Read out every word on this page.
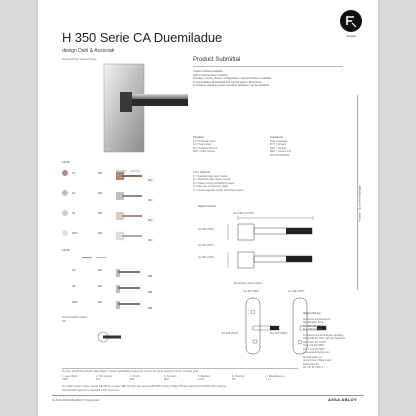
H 350 Serie CA Duemiladue
design Dahl & Associati
Material/Finish Vedere/Chiave
Fusital
Fusital · Door lever/Spingle
Product Submittal
Custom finishes available.
Spring assisted lever machine
Passage, privacy, dummy configurations, interior hardware available.
Accommodates all standard and special system dimensions.
A complete selection of door operating hardware may be available.
Finish
14	RP
RQ
10	RP
RQ
31	RP
RQ
26D	RP
RQ
Finishes
14 = Polished nickel
10 = Satin nickel
26 = Polished chrome
26D = Satin chrome
Functions
PCE = passage
PCY = privacy
DMY = dummy
MLP = mortise lock
MLP/PC/PE/FBM
Trim Options
P = Standard plain style rosette
Q = Standard plain square rosette
R = Pattern styling escutcheon plates
S = Alternate escutcheon plates
T = Interchangeable styling escutcheon plates
Styles Shown
mm 136.5 (5.375")
mm 68 (2.68")
mm 50 (1.97")
mm 60 (2.36")
Finish
15	EP
ER
26	EP
ER
26D	EP
ER
Rosette/options Option
RP
Escutcheon plates Option
mm 48 (1.89")	mm 48 (1.89")
mm 208 (8.19")	mm 225 (8.86")
Hafele USA Inc.
Architects and Designers
Specification Desk
Tel. 336 889 2322
Fax 336 431 3831
Architectural and Designers Building
ASSA ABLOY Door Security Solutions
New York, NY 10001
Tel 1 212 111 5566
Fax 1 212 111 5567
www.assaabloydss.com
Scandinavian Co.
Vesta Corso Il Baia Aval 2
Pellenstein 10
Tel +17 01 2587 3
To order individual products: Alternatively, product specifications are to be used in the same sequence as the example given.
1. Lever/Knob
H350
2. Trim options
R-P
3. Finish
26D
4. Function
MLP
5. Backset
2-3/4"
6. Handing
RH
7. Miscellaneous
x x x
For small models: please specify RB-AR trim models. RB coming is the same as RB-PRP pricing. Privacy PB also required XXX RDP when ordering.
*RQ-510-RP required for standard 2-1/8" cross bore.
Fu-FUS-0400 ASSA ABLOY Group brand	ASSA ABLOY
